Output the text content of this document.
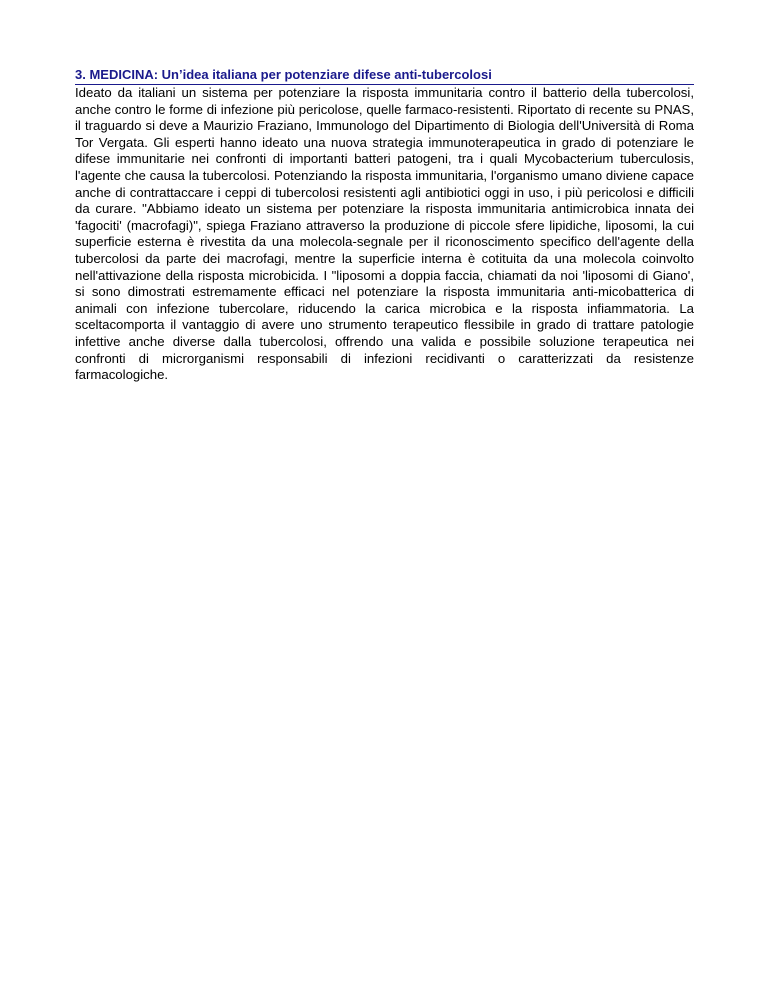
3. MEDICINA: Un’idea italiana per potenziare difese anti-tubercolosi

Ideato da italiani un sistema per potenziare la risposta immunitaria contro il batterio della tubercolosi, anche contro le forme di infezione più pericolose, quelle farmaco-resistenti. Riportato di recente su PNAS, il traguardo si deve a Maurizio Fraziano, Immunologo del Dipartimento di Biologia dell'Università di Roma Tor Vergata. Gli esperti hanno ideato una nuova strategia immunoterapeutica in grado di potenziare le difese immunitarie nei confronti di importanti batteri patogeni, tra i quali Mycobacterium tuberculosis, l'agente che causa la tubercolosi. Potenziando la risposta immunitaria, l'organismo umano diviene capace anche di contrattaccare i ceppi di tubercolosi resistenti agli antibiotici oggi in uso, i più pericolosi e difficili da curare. "Abbiamo ideato un sistema per potenziare la risposta immunitaria antimicrobica innata dei 'fagociti' (macrofagi)", spiega Fraziano attraverso la produzione di piccole sfere lipidiche, liposomi, la cui superficie esterna è rivestita da una molecola-segnale per il riconoscimento specifico dell'agente della tubercolosi da parte dei macrofagi, mentre la superficie interna è cotituita da una molecola coinvolto nell'attivazione della risposta microbicida. I "liposomi a doppia faccia, chiamati da noi 'liposomi di Giano', si sono dimostrati estremamente efficaci nel potenziare la risposta immunitaria anti-micobatterica di animali con infezione tubercolare, riducendo la carica microbica e la risposta infiammatoria. La sceltacomporta il vantaggio di avere uno strumento terapeutico flessibile in grado di trattare patologie infettive anche diverse dalla tubercolosi, offrendo una valida e possibile soluzione terapeutica nei confronti di microrganismi responsabili di infezioni recidivanti o caratterizzati da resistenze farmacologiche.
